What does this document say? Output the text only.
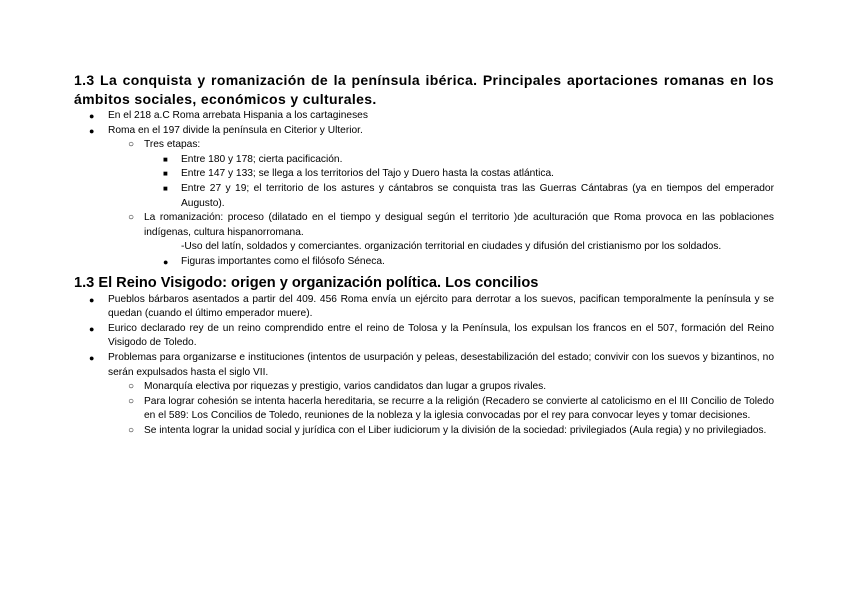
1.3 La conquista y romanización de la península ibérica. Principales aportaciones romanas en los ámbitos sociales, económicos y culturales.

● En el 218 a.C Roma arrebata Hispania a los cartagineses
● Roma en el 197 divide la península en Citerior y Ulterior.
○ Tres etapas:
■ Entre 180 y 178; cierta pacificación.
■ Entre 147 y 133; se llega a los territorios del Tajo y Duero hasta la costas atlántica.
■ Entre 27 y 19; el territorio de los astures y cántabros se conquista tras las Guerras Cántabras (ya en tiempos del emperador Augusto).
○ La romanización: proceso (dilatado en el tiempo y desigual según el territorio )de aculturación que Roma provoca en las poblaciones indígenas, cultura hispanorromana.
-Uso del latín, soldados y comerciantes. organización territorial en ciudades y difusión del cristianismo por los soldados.
● Figuras importantes como el filósofo Séneca.

1.3 El Reino Visigodo: origen y organización política. Los concilios

● Pueblos bárbaros asentados a partir del 409. 456 Roma envía un ejército para derrotar a los suevos, pacifican temporalmente la península y se quedan (cuando el último emperador muere).
● Eurico declarado rey de un reino comprendido entre el reino de Tolosa y la Península, los expulsan los francos en el 507, formación del Reino Visigodo de Toledo.
● Problemas para organizarse e instituciones (intentos de usurpación y peleas, desestabilización del estado; convivir con los suevos y bizantinos, no serán expulsados hasta el siglo VII.
○ Monarquía electiva por riquezas y prestigio, varios candidatos dan lugar a grupos rivales.
○ Para lograr cohesión se intenta hacerla hereditaria, se recurre a la religión (Recadero se convierte al catolicismo en el III Concilio de Toledo en el 589: Los Concilios de Toledo, reuniones de la nobleza y la iglesia convocadas por el rey para convocar leyes y tomar decisiones.
○ Se intenta lograr la unidad social y jurídica con el Liber iudiciorum y la división de la sociedad: privilegiados (Aula regia) y no privilegiados.
